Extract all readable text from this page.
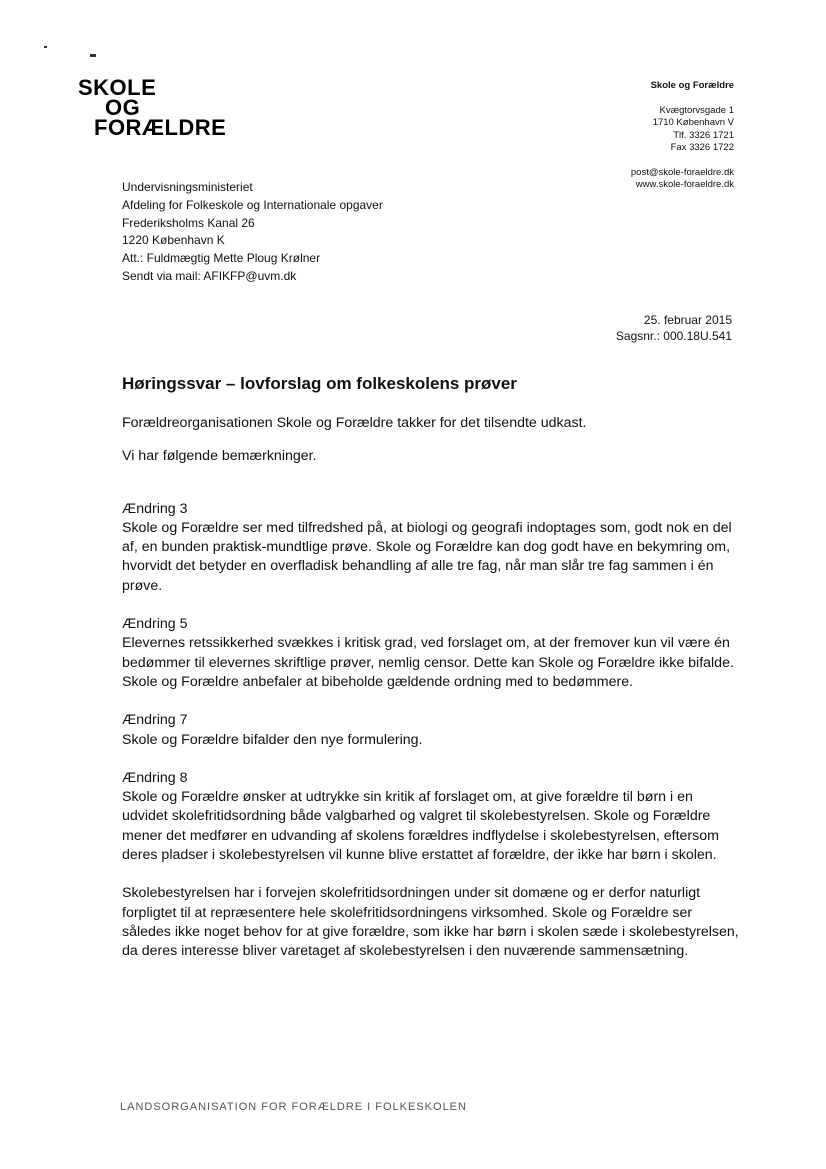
SKOLE
OG
FORÆLDRE
Skole og Forældre
Kvægtorvsgade 1
1710 København V
Tlf. 3326 1721
Fax 3326 1722
post@skole-foraeldre.dk
www.skole-foraeldre.dk
Undervisningsministeriet
Afdeling for Folkeskole og Internationale opgaver
Frederiksholms Kanal 26
1220 København K
Att.: Fuldmægtig Mette Ploug Krølner
Sendt via mail: AFIKFP@uvm.dk
25. februar 2015
Sagsnr.: 000.18U.541
Høringssvar – lovforslag om folkeskolens prøver

Forældreorganisationen Skole og Forældre takker for det tilsendte udkast.

Vi har følgende bemærkninger.

Ændring 3

Skole og Forældre ser med tilfredshed på, at biologi og geografi indoptages som, godt nok en del af, en bunden praktisk-mundtlige prøve. Skole og Forældre kan dog godt have en bekymring om, hvorvidt det betyder en overfladisk behandling af alle tre fag, når man slår tre fag sammen i én prøve.

Ændring 5

Elevernes retssikkerhed svækkes i kritisk grad, ved forslaget om, at der fremover kun vil være én bedømmer til elevernes skriftlige prøver, nemlig censor. Dette kan Skole og Forældre ikke bifalde. Skole og Forældre anbefaler at bibeholde gældende ordning med to bedømmere.

Ændring 7

Skole og Forældre bifalder den nye formulering.

Ændring 8

Skole og Forældre ønsker at udtrykke sin kritik af forslaget om, at give forældre til børn i en udvidet skolefritidsordning både valgbarhed og valgret til skolebestyrelsen. Skole og Forældre mener det medfører en udvanding af skolens forældres indflydelse i skolebestyrelsen, eftersom deres pladser i skolebestyrelsen vil kunne blive erstattet af forældre, der ikke har børn i skolen.

Skolebestyrelsen har i forvejen skolefritidsordningen under sit domæne og er derfor naturligt forpligtet til at repræsentere hele skolefritidsordningens virksomhed. Skole og Forældre ser således ikke noget behov for at give forældre, som ikke har børn i skolen sæde i skolebestyrelsen, da deres interesse bliver varetaget af skolebestyrelsen i den nuværende sammensætning.

LANDSORGANISATION FOR FORÆLDRE I FOLKESKOLEN
